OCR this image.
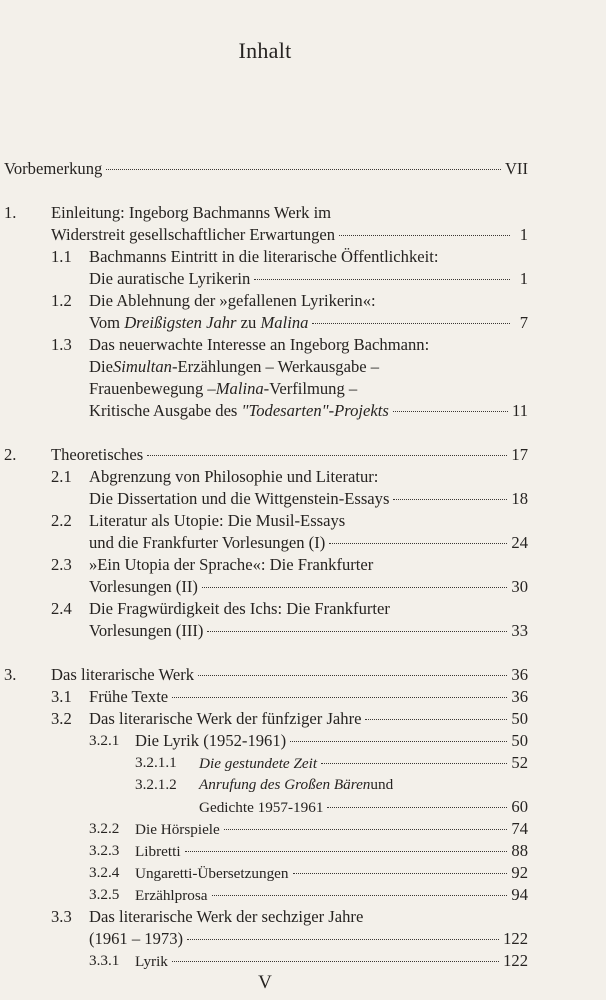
Inhalt
Vorbemerkung	VII
1. Einleitung: Ingeborg Bachmanns Werk im
Widerstreit gesellschaftlicher Erwartungen	1
1.1 Bachmanns Eintritt in die literarische Öffentlichkeit:
Die auratische Lyrikerin	1
1.2 Die Ablehnung der »gefallenen Lyrikerin«:
Vom Dreißigsten Jahr zu Malina	7
1.3 Das neuerwachte Interesse an Ingeborg Bachmann:
Die Simultan -Erzählungen – Werkausgabe –
Frauenbewegung – Malina -Verfilmung –
Kritische Ausgabe des "Todesarten"-Projekts	11
2. Theoretisches	17
2.1 Abgrenzung von Philosophie und Literatur:
Die Dissertation und die Wittgenstein-Essays	18
2.2 Literatur als Utopie: Die Musil-Essays
und die Frankfurter Vorlesungen (I)	24
2.3 »Ein Utopia der Sprache«: Die Frankfurter
Vorlesungen (II)	30
2.4 Die Fragwürdigkeit des Ichs: Die Frankfurter
Vorlesungen (III)	33
3. Das literarische Werk	36
3.1 Frühe Texte	36
3.2 Das literarische Werk der fünfziger Jahre	50
3.2.1 Die Lyrik (1952-1961)	50
3.2.1.1 Die gestundete Zeit	52
3.2.1.2 Anrufung des Großen Bären und
Gedichte 1957-1961	60
3.2.2 Die Hörspiele	74
3.2.3 Libretti	88
3.2.4 Ungaretti-Übersetzungen	92
3.2.5 Erzählprosa	94
3.3 Das literarische Werk der sechziger Jahre
(1961 – 1973)	122
3.3.1 Lyrik	122
V
